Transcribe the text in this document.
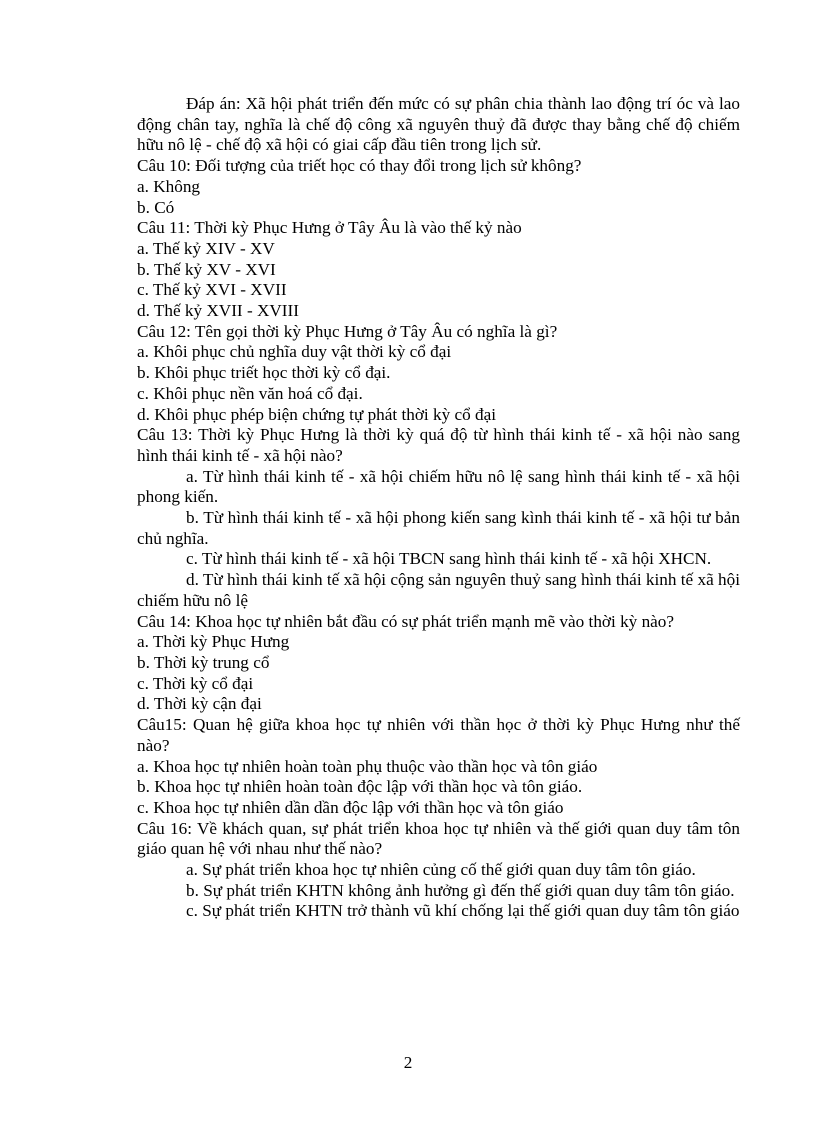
Đáp án: Xã hội phát triển đến mức có sự phân chia thành lao động trí óc và lao động chân tay, nghĩa là chế độ công xã nguyên thuỷ đã được thay bằng chế độ chiếm hữu nô lệ - chế độ xã hội có giai cấp đầu tiên trong lịch sử.

Câu 10: Đối tượng của triết học có thay đổi trong lịch sử không?

a. Không

b. Có

Câu 11: Thời kỳ Phục Hưng ở Tây Âu là vào thế kỷ nào

a. Thế kỷ XIV - XV

b. Thế kỷ XV - XVI

c. Thế kỷ XVI - XVII

d. Thế kỷ XVII - XVIII

Câu 12: Tên gọi thời kỳ Phục Hưng ở Tây Âu có nghĩa là gì?

a. Khôi phục chủ nghĩa duy vật thời kỳ cổ đại

b. Khôi phục triết học thời kỳ cổ đại.

c. Khôi phục nền văn hoá cổ đại.

d. Khôi phục phép biện chứng tự phát thời kỳ cổ đại

Câu 13: Thời kỳ Phục Hưng là thời kỳ quá độ từ hình thái kinh tế - xã hội nào sang hình thái kinh tế - xã hội nào?

a. Từ hình thái kinh tế - xã hội chiếm hữu nô lệ sang hình thái kinh tế - xã hội phong kiến.

b. Từ hình thái kinh tế - xã hội phong kiến sang kình thái kinh tế - xã hội tư bản chủ nghĩa.

c. Từ hình thái kinh tế - xã hội TBCN sang hình thái kinh tế - xã hội XHCN.

d. Từ hình thái kinh tế xã hội cộng sản nguyên thuỷ sang hình thái kinh tế xã hội chiếm hữu nô lệ

Câu 14: Khoa học tự nhiên bắt đầu có sự phát triển mạnh mẽ vào thời kỳ nào?

a. Thời kỳ Phục Hưng

b. Thời kỳ trung cổ

c. Thời kỳ cổ đại

d. Thời kỳ cận đại

Câu15: Quan hệ giữa khoa học tự nhiên với thần học ở thời kỳ Phục Hưng như thế nào?

a. Khoa học tự nhiên hoàn toàn phụ thuộc vào thần học và tôn giáo

b. Khoa học tự nhiên hoàn toàn độc lập với thần học và tôn giáo.

c. Khoa học tự nhiên dần dần độc lập với thần học và tôn giáo

Câu 16: Về khách quan, sự phát triển khoa học tự nhiên và thế giới quan duy tâm tôn giáo quan hệ với nhau như thế nào?

a. Sự phát triển khoa học tự nhiên củng cố thế giới quan duy tâm tôn giáo.

b. Sự phát triển KHTN không ảnh hưởng gì đến thế giới quan duy tâm tôn giáo.

c. Sự phát triển KHTN trở thành vũ khí chống lại thế giới quan duy tâm tôn giáo

2
